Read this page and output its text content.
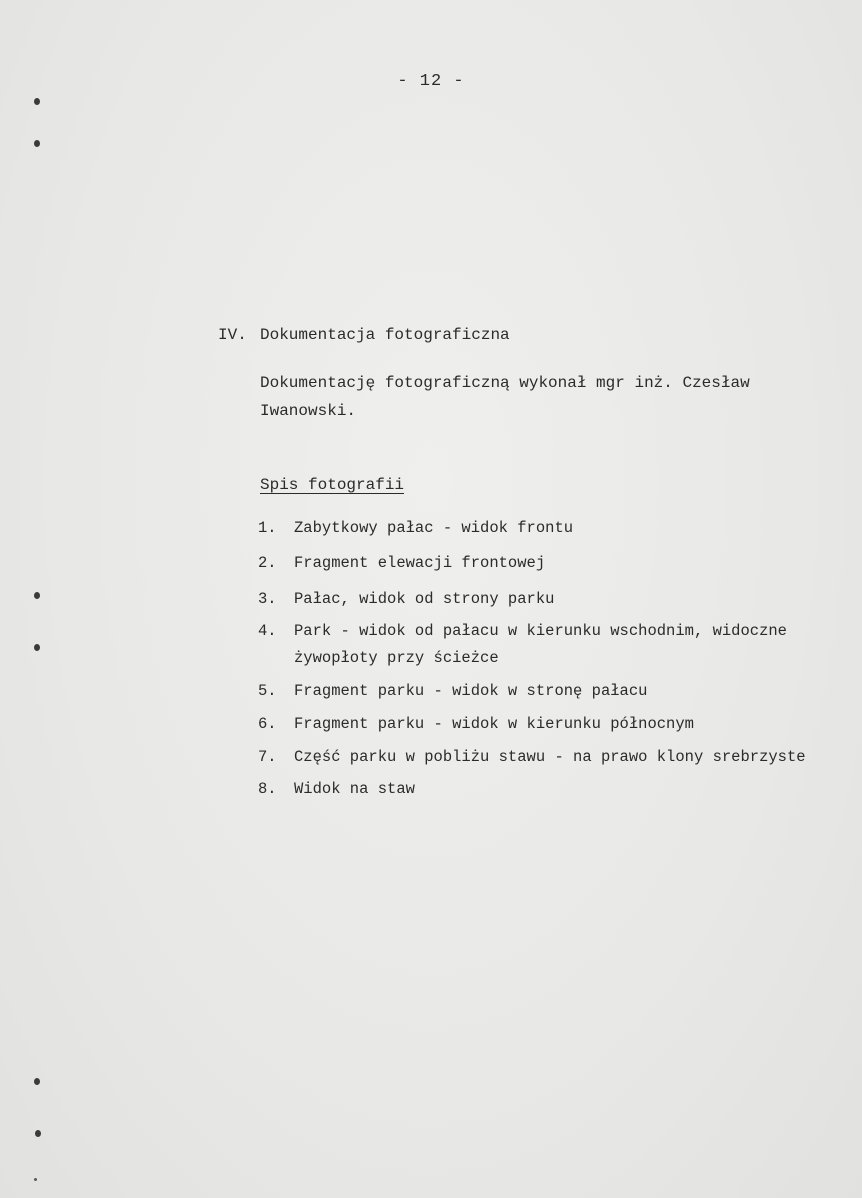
- 12 -
IV. Dokumentacja fotograficzna
Dokumentację fotograficzną wykonał mgr inż. Czesław Iwanowski.
Spis fotografii
1.	Zabytkowy pałac - widok frontu
2.	Fragment elewacji frontowej
3.	Pałac, widok od strony parku
4.	Park - widok od pałacu w kierunku wschodnim, widoczne żywopłoty przy ścieżce
5.	Fragment parku - widok w stronę pałacu
6.	Fragment parku - widok w kierunku północnym
7.	Część parku w pobliżu stawu - na prawo klony srebrzyste
8.	Widok na staw
